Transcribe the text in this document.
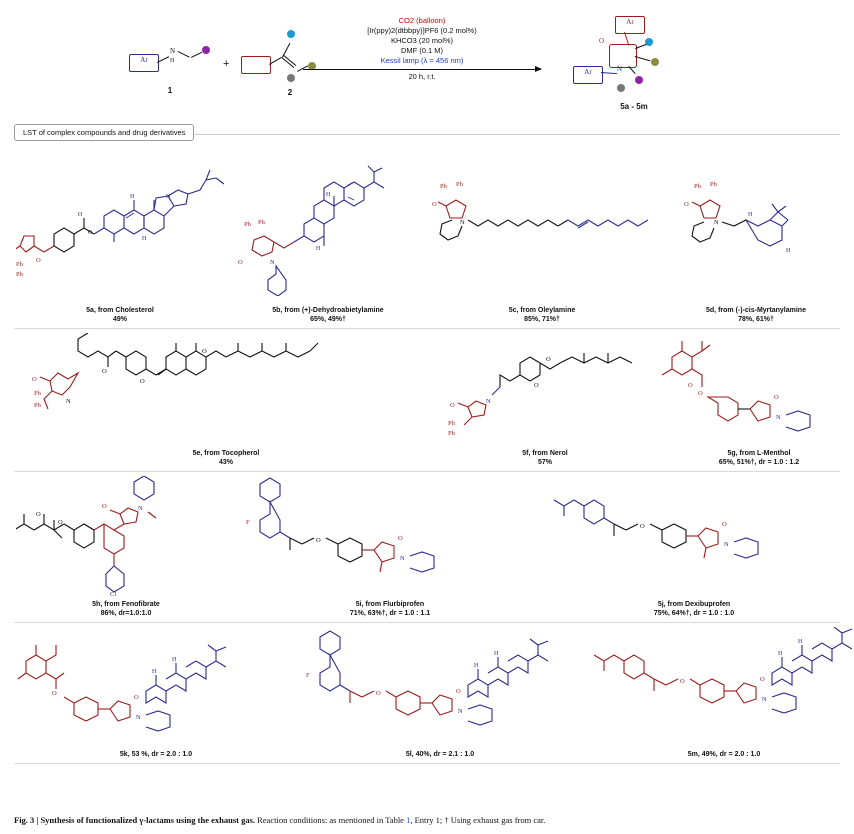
Ar
N
H
1
+
2
CO2 (balloon)
[Ir(ppy)2(dtbbpy)]PF6 (0.2 mol%)
KHCO3 (20 mol%)
DMF (0.1 M)
Kessil lamp (λ = 456 nm)
20 h, r.t.
Ar
O
N
Ar
5a - 5m
LST of complex compounds and drug derivatives
H	H
H
O
O
Ph
Ph
O
5a, from Cholesterol
49%
H
H
Ph Ph
O	N
5b, from (+)-Dehydroabietylamine
65%, 49%†
Ph Ph
O
N
5c, from Oleylamine
85%, 71%†
Ph Ph
O
N
H
H
5d, from (-)-cis-Myrtanylamine
78%, 61%†
O
O
O
O
Ph
Ph
N
5e, from Tocopherol
43%
O
O
N
O
Ph
Ph
5f, from Nerol
57%
O
O
O
N
5g, from L-Menthol
65%, 51%†, dr = 1.0 : 1.2
N
O
O
O
Cl
5h, from Fenofibrate
86%, dr=1.0:1.0
F
O	O
N
5i, from Flurbiprofen
71%, 63%†, dr = 1.0 : 1.1
O	O
N
5j, from Dexibuprofen
75%, 64%†, dr = 1.0 : 1.0
O
O
N
H
H
5k, 53 %, dr = 2.0 : 1.0
F
O	O
N
H
H
5l, 40%, dr = 2.1 : 1.0
O	O
N
H
H
5m, 49%, dr = 2.0 : 1.0
Fig. 3 | Synthesis of functionalized γ-lactams using the exhaust gas. Reaction conditions: as mentioned in Table 1, Entry 1; † Using exhaust gas from car.
